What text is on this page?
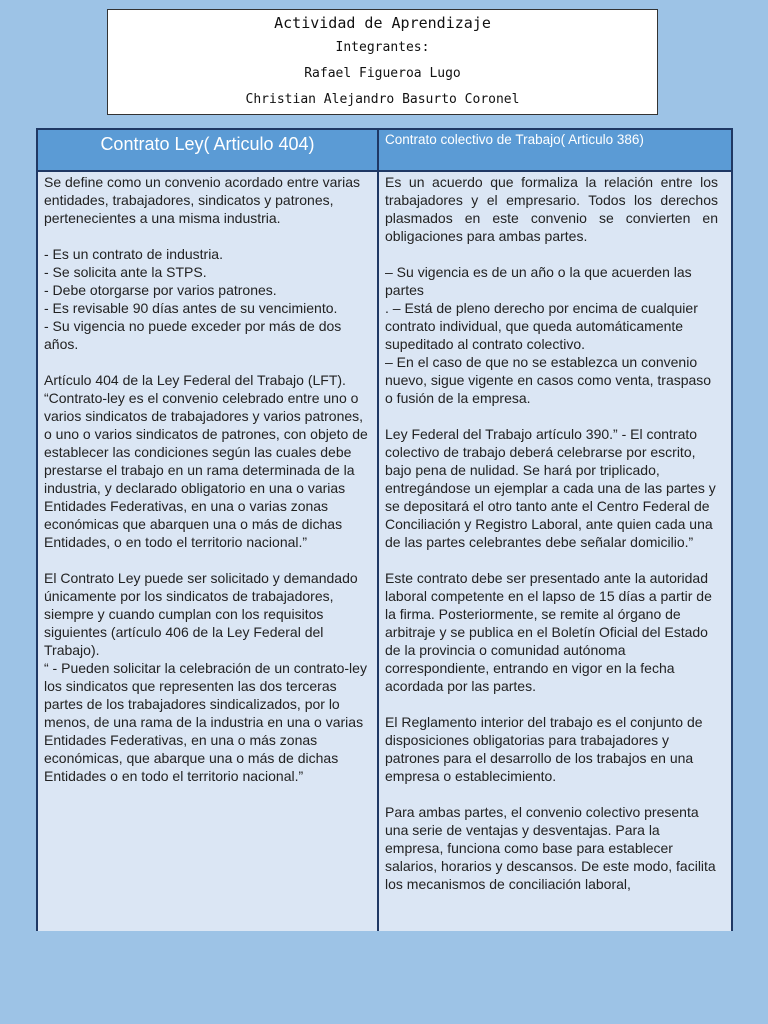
Actividad de Aprendizaje
Integrantes:
Rafael Figueroa Lugo
Christian Alejandro Basurto Coronel
Contrato Ley( Articulo 404)	Contrato colectivo de Trabajo( Articulo 386)

Se define como un convenio acordado entre varias entidades, trabajadores, sindicatos y patrones, pertenecientes a una misma industria.

- Es un contrato de industria.
- Se solicita ante la STPS.
- Debe otorgarse por varios patrones.
- Es revisable 90 días antes de su vencimiento.
- Su vigencia no puede exceder por más de dos años.

Artículo 404 de la Ley Federal del Trabajo (LFT). “Contrato-ley es el convenio celebrado entre uno o varios sindicatos de trabajadores y varios patrones, o uno o varios sindicatos de patrones, con objeto de establecer las condiciones según las cuales debe prestarse el trabajo en un rama determinada de la industria, y declarado obligatorio en una o varias Entidades Federativas, en una o varias zonas económicas que abarquen una o más de dichas Entidades, o en todo el territorio nacional.”

El Contrato Ley puede ser solicitado y demandado únicamente por los sindicatos de trabajadores, siempre y cuando cumplan con los requisitos siguientes (artículo 406 de la Ley Federal del Trabajo).
“ - Pueden solicitar la celebración de un contrato-ley los sindicatos que representen las dos terceras partes de los trabajadores sindicalizados, por lo menos, de una rama de la industria en una o varias Entidades Federativas, en una o más zonas económicas, que abarque una o más de dichas Entidades o en todo el territorio nacional.”

Es un acuerdo que formaliza la relación entre los trabajadores y el empresario. Todos los derechos plasmados en este convenio se convierten en obligaciones para ambas partes.

– Su vigencia es de un año o la que acuerden las partes
. – Está de pleno derecho por encima de cualquier contrato individual, que queda automáticamente supeditado al contrato colectivo.
– En el caso de que no se establezca un convenio nuevo, sigue vigente en casos como venta, traspaso o fusión de la empresa.

Ley Federal del Trabajo artículo 390.” - El contrato colectivo de trabajo deberá celebrarse por escrito, bajo pena de nulidad. Se hará por triplicado, entregándose un ejemplar a cada una de las partes y se depositará el otro tanto ante el Centro Federal de Conciliación y Registro Laboral, ante quien cada una de las partes celebrantes debe señalar domicilio.”

Este contrato debe ser presentado ante la autoridad laboral competente en el lapso de 15 días a partir de la firma. Posteriormente, se remite al órgano de arbitraje y se publica en el Boletín Oficial del Estado de la provincia o comunidad autónoma correspondiente, entrando en vigor en la fecha acordada por las partes.

El Reglamento interior del trabajo es el conjunto de disposiciones obligatorias para trabajadores y patrones para el desarrollo de los trabajos en una empresa o establecimiento.

Para ambas partes, el convenio colectivo presenta una serie de ventajas y desventajas. Para la empresa, funciona como base para establecer salarios, horarios y descansos. De este modo, facilita los mecanismos de conciliación laboral,
